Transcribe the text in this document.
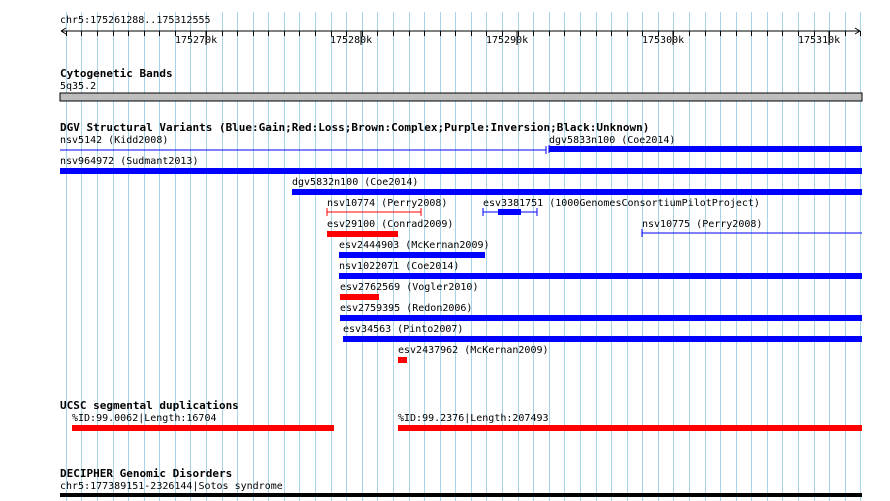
chr5:175261288..175312555
175270k	175280k	175290k	175300k	175310k
Cytogenetic Bands
5q35.2
DGV Structural Variants (Blue:Gain;Red:Loss;Brown:Complex;Purple:Inversion;Black:Unknown)
nsv5142 (Kidd2008)	dgv5833n100 (Coe2014)
nsv964972 (Sudmant2013)
dgv5832n100 (Coe2014)
nsv10774 (Perry2008)	esv3381751 (1000GenomesConsortiumPilotProject)
esv29100 (Conrad2009)	nsv10775 (Perry2008)
esv2444903 (McKernan2009)
nsv1022071 (Coe2014)
esv2762569 (Vogler2010)
esv2759395 (Redon2006)
esv34563 (Pinto2007)
esv2437962 (McKernan2009)
UCSC segmental duplications
%ID:99.0062|Length:16704	%ID:99.2376|Length:207493
DECIPHER Genomic Disorders
chr5:177389151-2326144|Sotos syndrome
